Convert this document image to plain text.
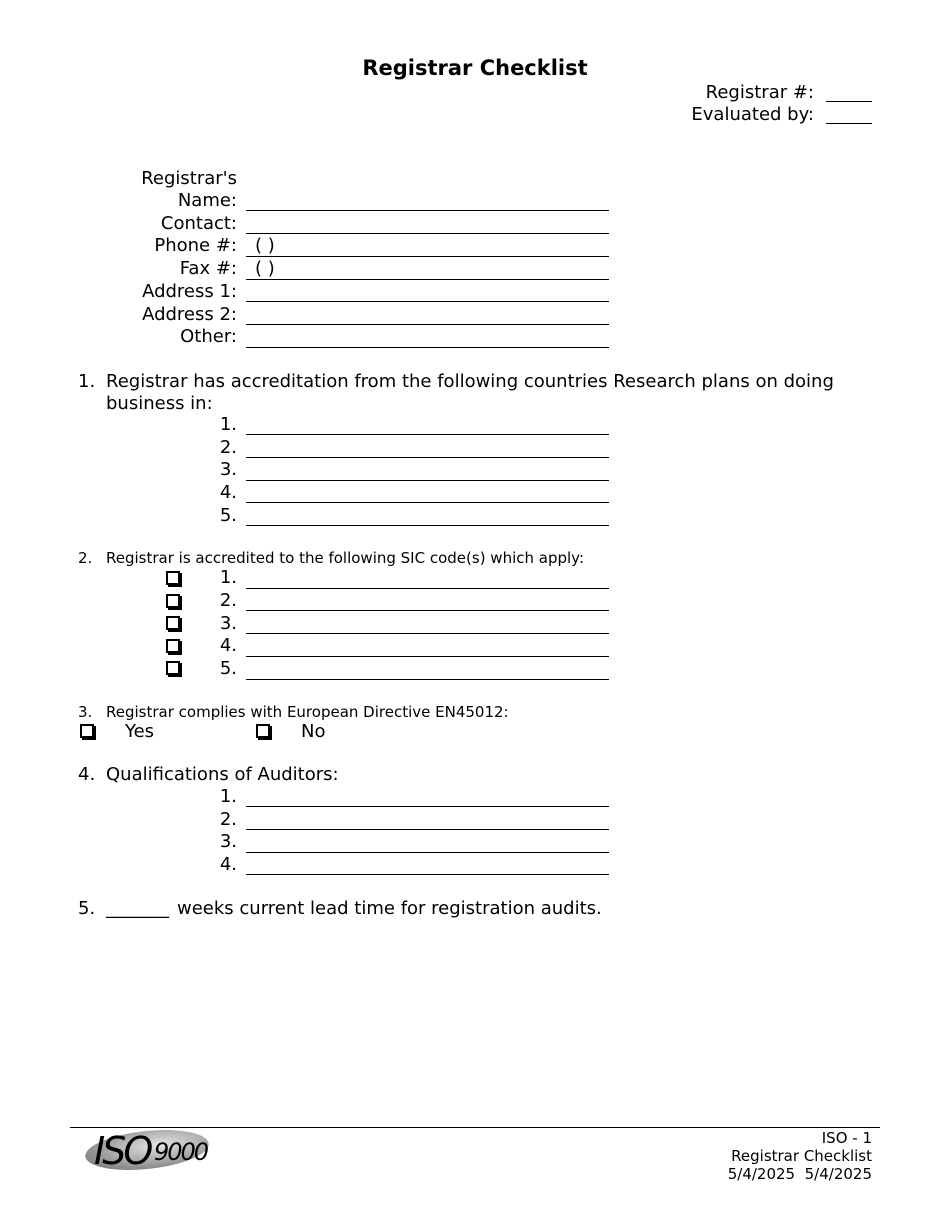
Registrar Checklist
Registrar #:
Evaluated by:
Registrar's
Name:
Contact:
Phone #: ( )
Fax #: ( )
Address 1:
Address 2:
Other:
1. Registrar has accreditation from the following countries Research plans on doing
business in:
1.
2.
3.
4.
5.
2. Registrar is accredited to the following SIC code(s) which apply:
1.
2.
3.
4.
5.
3. Registrar complies with European Directive EN45012:
Yes	No
4. Qualifications of Auditors:
1.
2.
3.
4.
5. _______ weeks current lead time for registration audits.
ISO 9000	ISO - 1
Registrar Checklist
5/4/2025  5/4/2025
